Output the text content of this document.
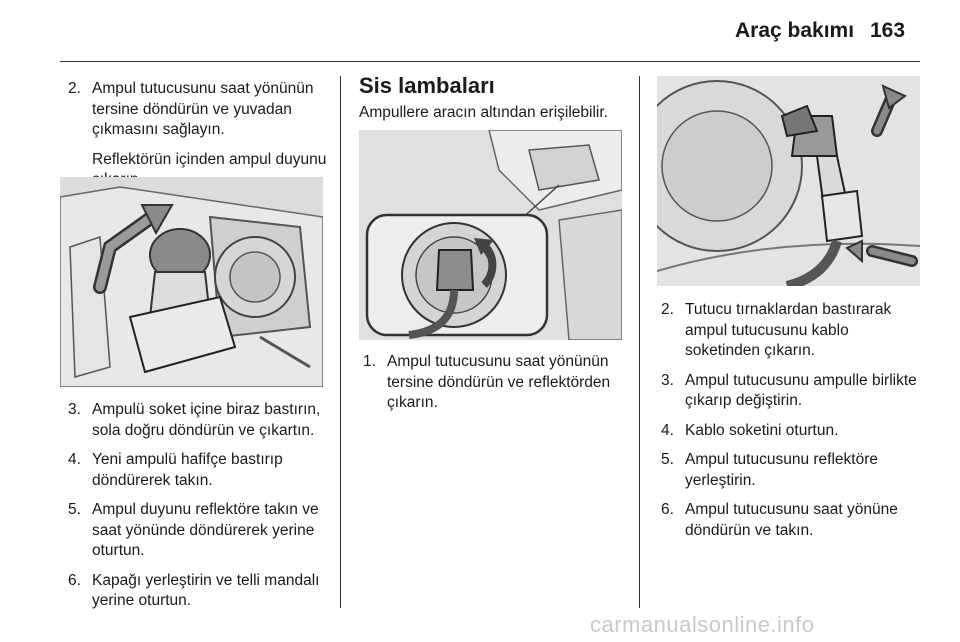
Araç bakımı 163
2. Ampul tutucusunu saat yönünün tersine döndürün ve yuvadan çıkmasını sağlayın.
Reflektörün içinden ampul duyunu
3. Ampulü soket içine biraz bastırın, sola doğru döndürün ve çıkartın.
4. Yeni ampulü hafifçe bastırıp döndürerek takın.
5. Ampul duyunu reflektöre takın ve saat yönünde döndürerek yerine oturtun.
6. Kapağı yerleştirin ve telli mandalı yerine oturtun.
Sis lambaları
Ampullere aracın altından erişilebilir.
1. Ampul tutucusunu saat yönünün tersine döndürün ve reflektörden çıkarın.
2. Tutucu tırnaklardan bastırarak ampul tutucusunu kablo soketinden çıkarın.
3. Ampul tutucusunu ampulle birlikte çıkarıp değiştirin.
4. Kablo soketini oturtun.
5. Ampul tutucusunu reflektöre yerleştirin.
6. Ampul tutucusunu saat yönüne döndürün ve takın.
carmanualsonline.info
